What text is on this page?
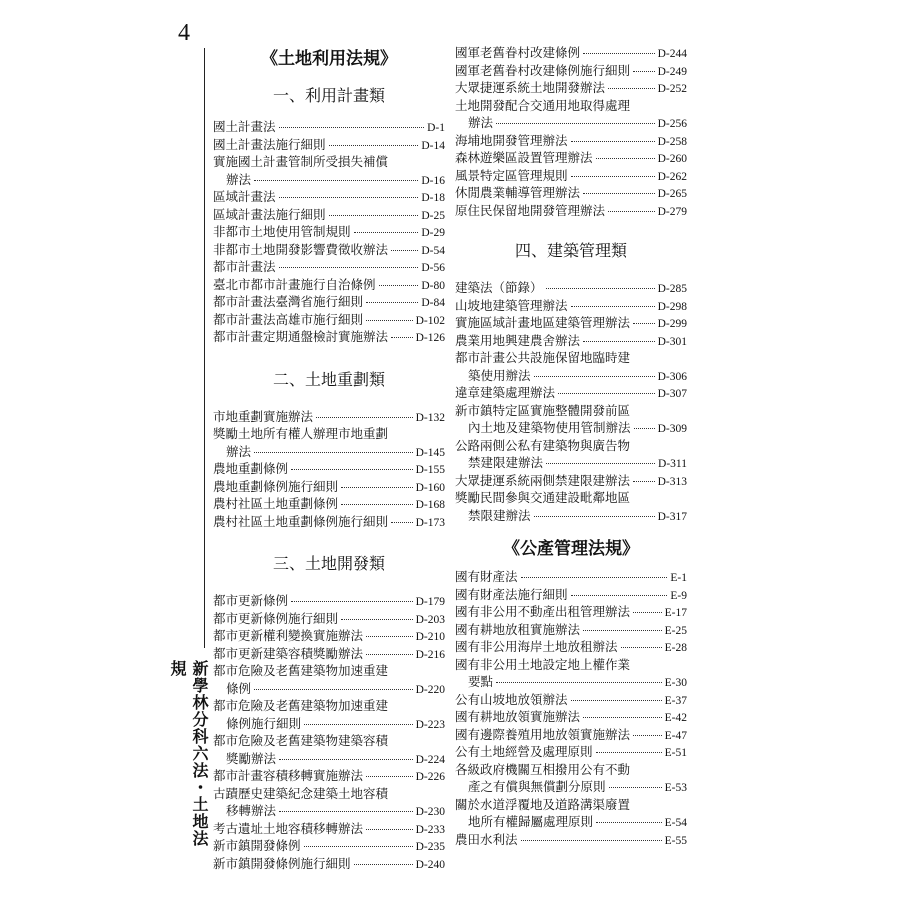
4
新學林分科六法・土地法規
《土地利用法規》
一、利用計畫類
國土計畫法	D-1
國土計畫法施行細則	D-14
實施國土計畫管制所受損失補償
辦法	D-16
區域計畫法	D-18
區域計畫法施行細則	D-25
非都市土地使用管制規則	D-29
非都市土地開發影響費徵收辦法	D-54
都市計畫法	D-56
臺北市都市計畫施行自治條例	D-80
都市計畫法臺灣省施行細則	D-84
都市計畫法高雄市施行細則	D-102
都市計畫定期通盤檢討實施辦法 D-126
二、土地重劃類
市地重劃實施辦法	D-132
獎勵土地所有權人辦理市地重劃
辦法	D-145
農地重劃條例	D-155
農地重劃條例施行細則	D-160
農村社區土地重劃條例	D-168
農村社區土地重劃條例施行細則 D-173
三、土地開發類
都市更新條例	D-179
都市更新條例施行細則	D-203
都市更新權利變換實施辦法	D-210
都市更新建築容積獎勵辦法	D-216
都市危險及老舊建築物加速重建
條例	D-220
都市危險及老舊建築物加速重建
條例施行細則	D-223
都市危險及老舊建築物建築容積
獎勵辦法	D-224
都市計畫容積移轉實施辦法	D-226
古蹟歷史建築紀念建築土地容積
移轉辦法	D-230
考古遺址土地容積移轉辦法	D-233
新市鎮開發條例	D-235
新市鎮開發條例施行細則	D-240
國軍老舊眷村改建條例	D-244
國軍老舊眷村改建條例施行細則 D-249
大眾捷運系統土地開發辦法	D-252
土地開發配合交通用地取得處理
辦法	D-256
海埔地開發管理辦法	D-258
森林遊樂區設置管理辦法	D-260
風景特定區管理規則	D-262
休閒農業輔導管理辦法	D-265
原住民保留地開發管理辦法	D-279
四、建築管理類
建築法（節錄）	D-285
山坡地建築管理辦法	D-298
實施區域計畫地區建築管理辦法 D-299
農業用地興建農舍辦法	D-301
都市計畫公共設施保留地臨時建
築使用辦法	D-306
違章建築處理辦法	D-307
新市鎮特定區實施整體開發前區
內土地及建築物使用管制辦法 D-309
公路兩側公私有建築物與廣告物
禁建限建辦法	D-311
大眾捷運系統兩側禁建限建辦法 D-313
獎勵民間參與交通建設毗鄰地區
禁限建辦法	D-317
《公產管理法規》
國有財產法	E-1
國有財產法施行細則	E-9
國有非公用不動產出租管理辦法	E-17
國有耕地放租實施辦法	E-25
國有非公用海岸土地放租辦法	E-28
國有非公用土地設定地上權作業
要點	E-30
公有山坡地放領辦法	E-37
國有耕地放領實施辦法	E-42
國有邊際養殖用地放領實施辦法	E-47
公有土地經營及處理原則	E-51
各級政府機關互相撥用公有不動
產之有償與無償劃分原則	E-53
關於水道浮覆地及道路溝渠廢置
地所有權歸屬處理原則	E-54
農田水利法	E-55
